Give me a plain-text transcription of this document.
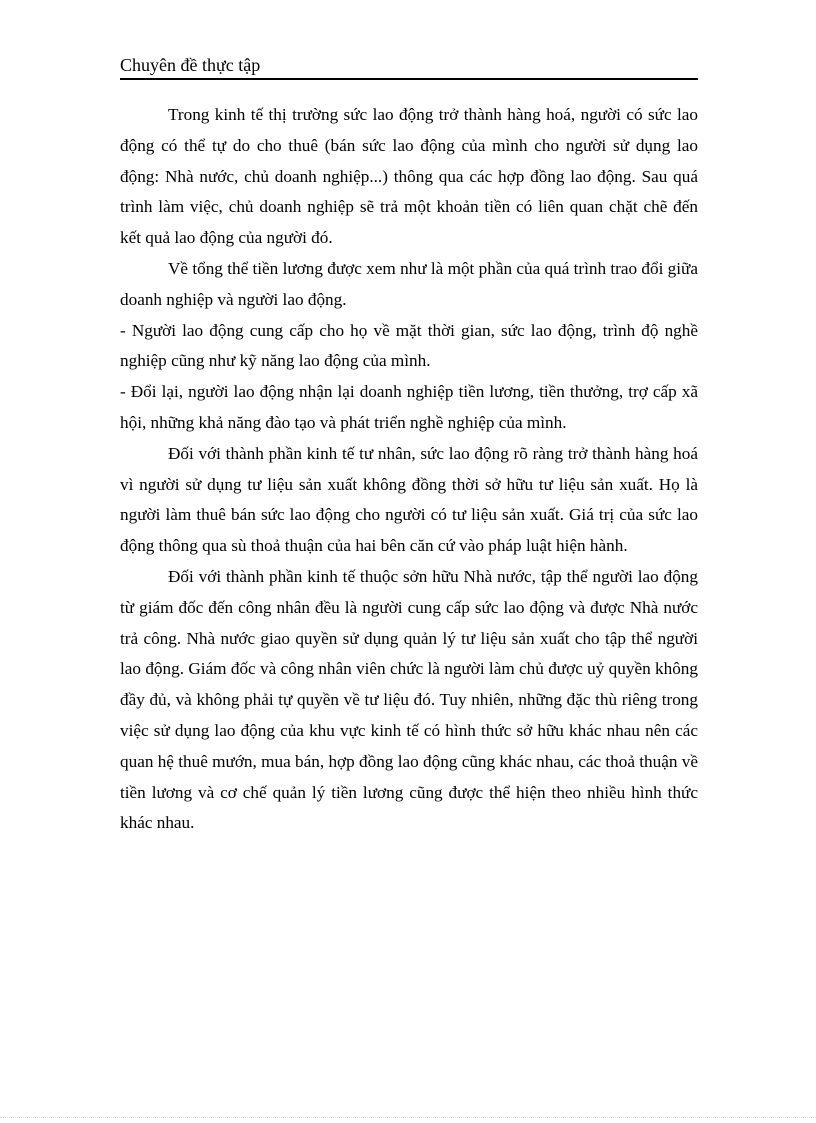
Chuyên đề thực tập

Trong kinh tế thị trường sức lao động trở thành hàng hoá, người có sức lao động có thể tự do cho thuê (bán sức lao động của mình cho người sử dụng lao động: Nhà nước, chủ doanh nghiệp...) thông qua các hợp đồng lao động. Sau quá trình làm việc, chủ doanh nghiệp sẽ trả một khoản tiền có liên quan chặt chẽ đến kết quả lao động của người đó.

Về tổng thể tiền lương được xem như là một phần của quá trình trao đổi giữa doanh nghiệp và người lao động.

- Người lao động cung cấp cho họ về mặt thời gian, sức lao động, trình độ nghề nghiệp cũng như kỹ năng lao động của mình.

- Đổi lại, người lao động nhận lại doanh nghiệp tiền lương, tiền thưởng, trợ cấp xã hội, những khả năng đào tạo và phát triển nghề nghiệp của mình.

Đối với thành phần kinh tế tư nhân, sức lao động rõ ràng trở thành hàng hoá vì người sử dụng tư liệu sản xuất không đồng thời sở hữu tư liệu sản xuất. Họ là người làm thuê bán sức lao động cho người có tư liệu sản xuất. Giá trị của sức lao động thông qua sù thoả thuận của hai bên căn cứ vào pháp luật hiện hành.

Đối với thành phần kinh tế thuộc sởn hữu Nhà nước, tập thể người lao động từ giám đốc đến công nhân đều là người cung cấp sức lao động và được Nhà nước trả công. Nhà nước giao quyền sử dụng quản lý tư liệu sản xuất cho tập thể người lao động. Giám đốc và công nhân viên chức là người làm chủ được uỷ quyền không đầy đủ, và không phải tự quyền về tư liệu đó. Tuy nhiên, những đặc thù riêng trong việc sử dụng lao động của khu vực kinh tế có hình thức sở hữu khác nhau nên các quan hệ thuê mướn, mua bán, hợp đồng lao động cũng khác nhau, các thoả thuận về tiền lương và cơ chế quản lý tiền lương cũng được thể hiện theo nhiều hình thức khác nhau.
